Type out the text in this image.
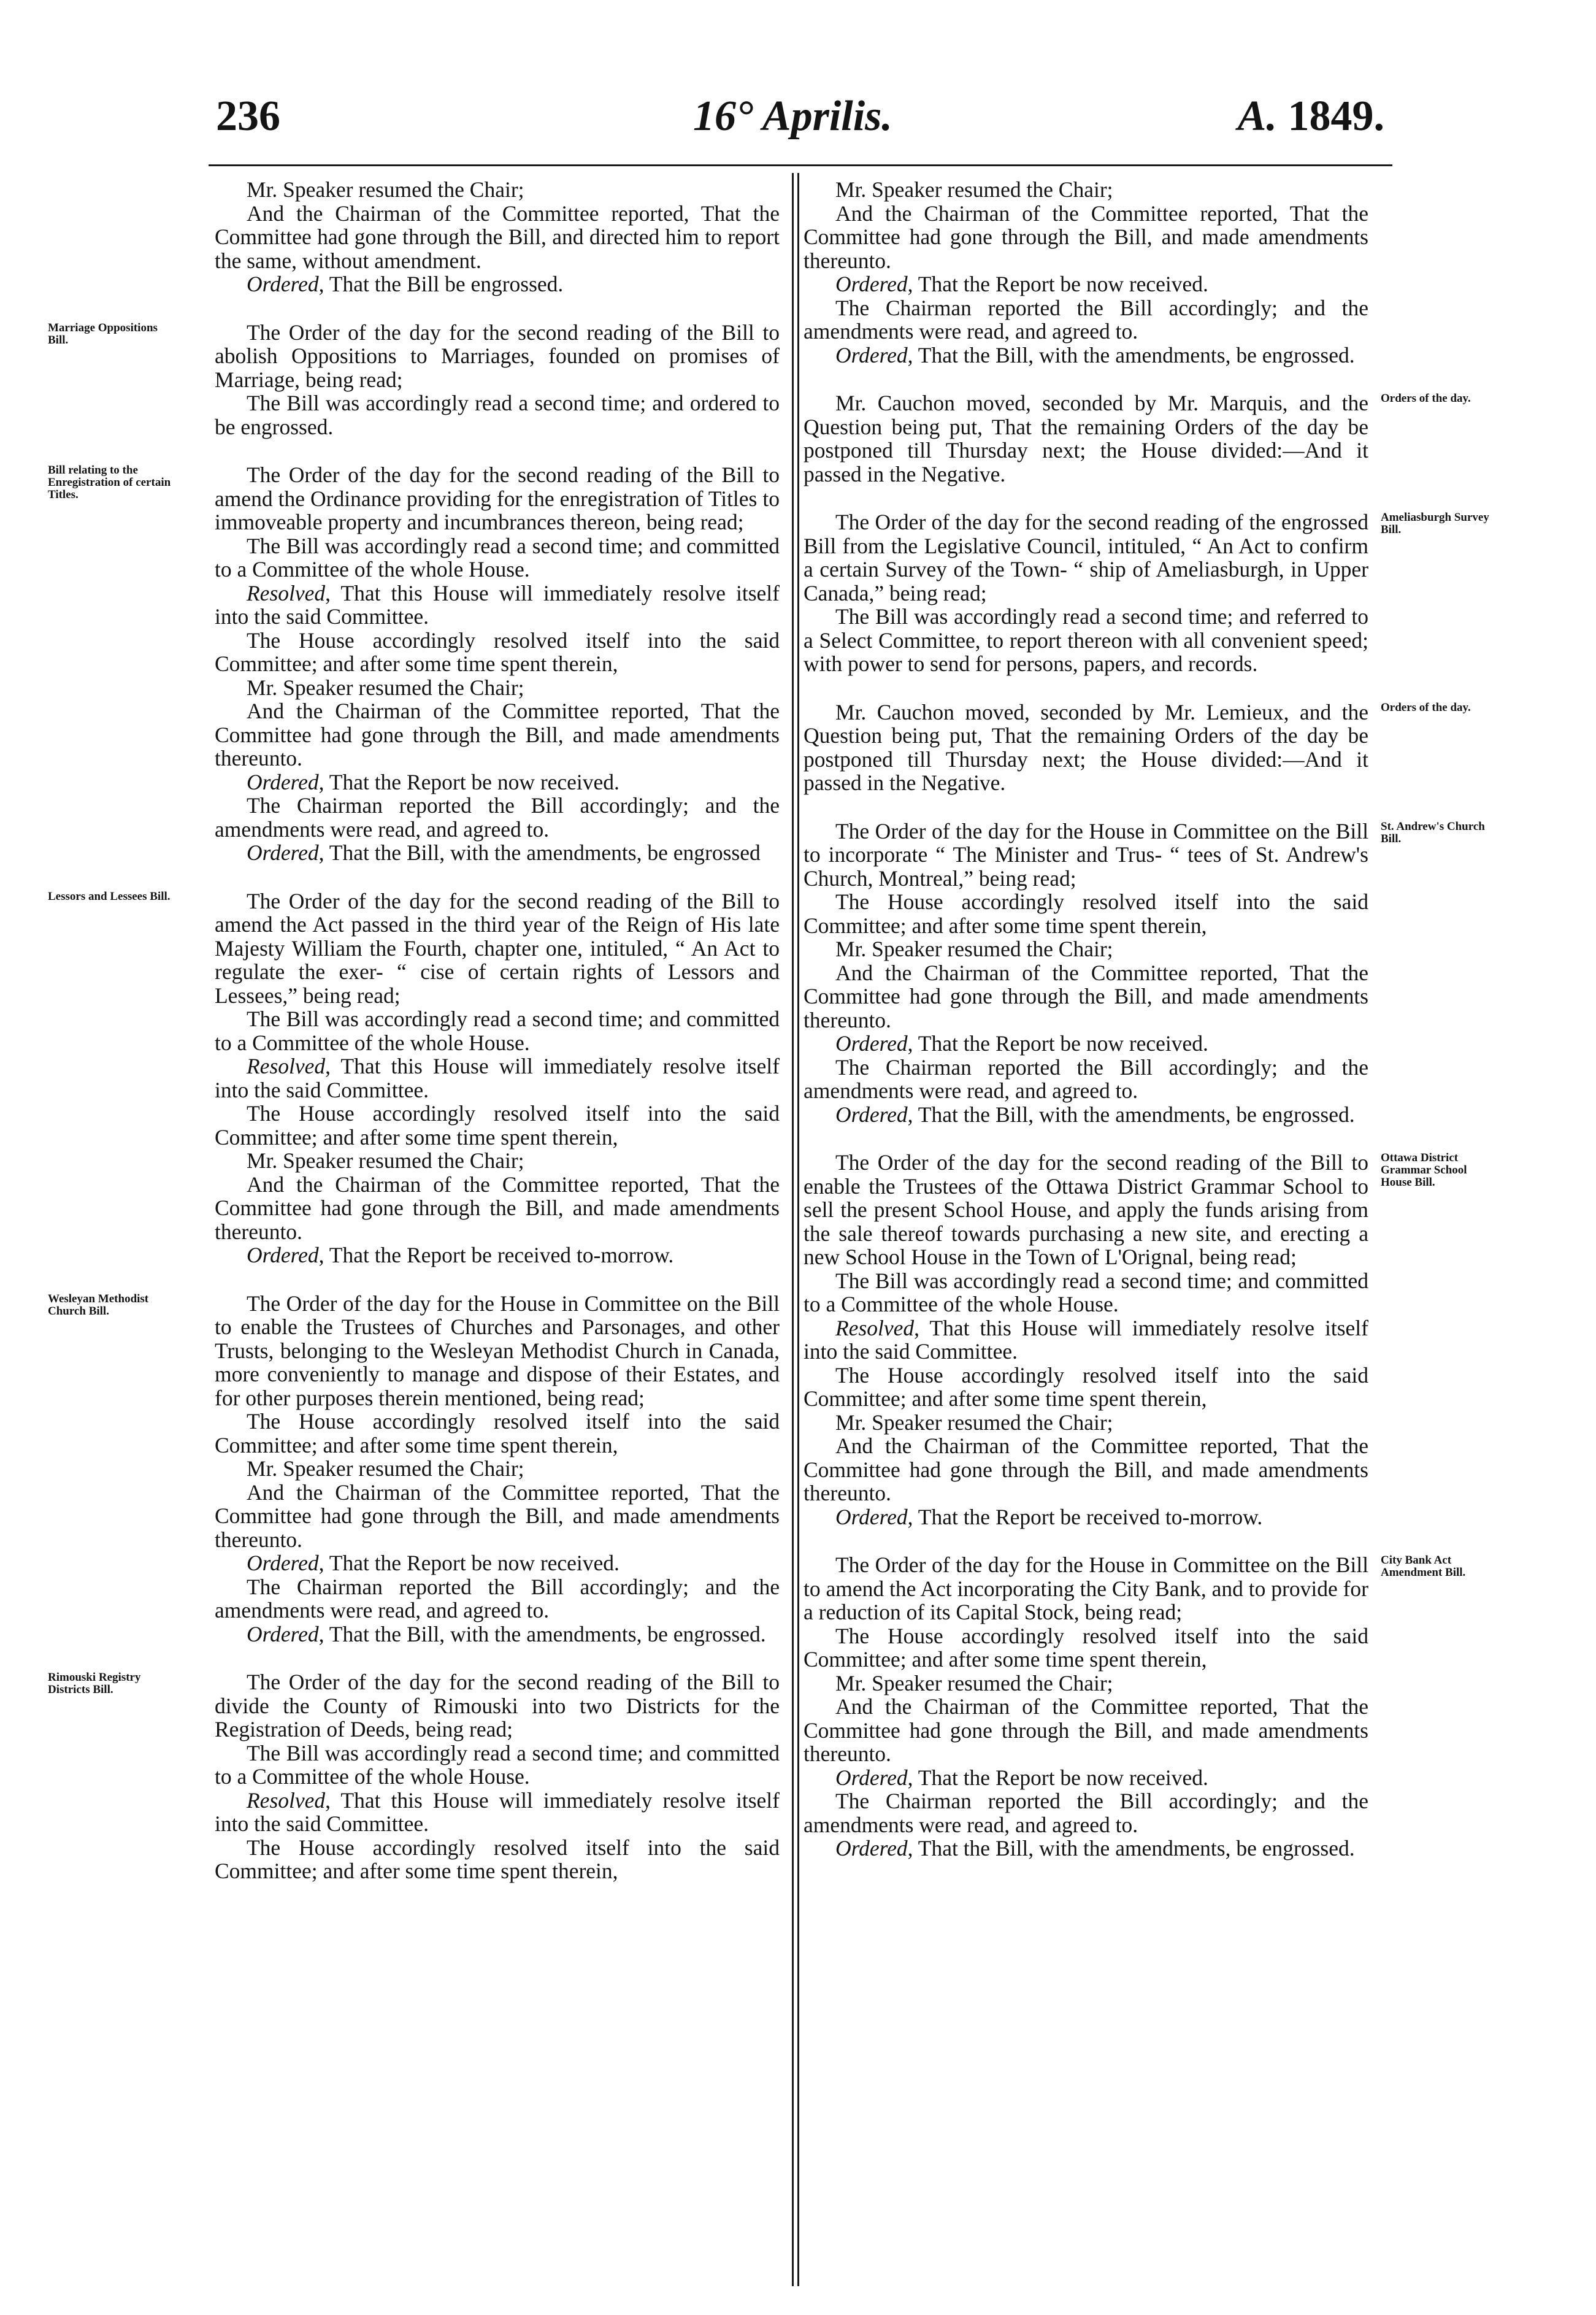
236	16° Aprilis.	A. 1849.

Mr. Speaker resumed the Chair;

And the Chairman of the Committee reported, That the Committee had gone through the Bill, and directed him to report the same, without amendment.

Ordered, That the Bill be engrossed.

The Order of the day for the second reading of the Bill to abolish Oppositions to Marriages, founded on promises of Marriage, being read;
Marriage Oppositions Bill.

The Bill was accordingly read a second time; and ordered to be engrossed.

The Order of the day for the second reading of the Bill to amend the Ordinance providing for the enregistration of Titles to immoveable property and incumbrances thereon, being read;
Bill relating to the Enregistration of certain Titles.

The Bill was accordingly read a second time; and committed to a Committee of the whole House.

Resolved, That this House will immediately resolve itself into the said Committee.

The House accordingly resolved itself into the said Committee; and after some time spent therein,

Mr. Speaker resumed the Chair;

And the Chairman of the Committee reported, That the Committee had gone through the Bill, and made amendments thereunto.

Ordered, That the Report be now received.

The Chairman reported the Bill accordingly; and the amendments were read, and agreed to.

Ordered, That the Bill, with the amendments, be engrossed

The Order of the day for the second reading of the Bill to amend the Act passed in the third year of the Reign of His late Majesty William the Fourth, chapter one, intituled, “ An Act to regulate the exer- “ cise of certain rights of Lessors and Lessees,” being read;
Lessors and Lessees Bill.

The Bill was accordingly read a second time; and committed to a Committee of the whole House.

Resolved, That this House will immediately resolve itself into the said Committee.

The House accordingly resolved itself into the said Committee; and after some time spent therein,

Mr. Speaker resumed the Chair;

And the Chairman of the Committee reported, That the Committee had gone through the Bill, and made amendments thereunto.

Ordered, That the Report be received to-morrow.

The Order of the day for the House in Committee on the Bill to enable the Trustees of Churches and Parsonages, and other Trusts, belonging to the Wesleyan Methodist Church in Canada, more conveniently to manage and dispose of their Estates, and for other purposes therein mentioned, being read;
Wesleyan Methodist Church Bill.

The House accordingly resolved itself into the said Committee; and after some time spent therein,

Mr. Speaker resumed the Chair;

And the Chairman of the Committee reported, That the Committee had gone through the Bill, and made amendments thereunto.

Ordered, That the Report be now received.

The Chairman reported the Bill accordingly; and the amendments were read, and agreed to.

Ordered, That the Bill, with the amendments, be engrossed.

The Order of the day for the second reading of the Bill to divide the County of Rimouski into two Districts for the Registration of Deeds, being read;
Rimouski Registry Districts Bill.

The Bill was accordingly read a second time; and committed to a Committee of the whole House.

Resolved, That this House will immediately resolve itself into the said Committee.

The House accordingly resolved itself into the said Committee; and after some time spent therein,

Mr. Speaker resumed the Chair;

And the Chairman of the Committee reported, That the Committee had gone through the Bill, and made amendments thereunto.

Ordered, That the Report be now received.

The Chairman reported the Bill accordingly; and the amendments were read, and agreed to.

Ordered, That the Bill, with the amendments, be engrossed.

Mr. Cauchon moved, seconded by Mr. Marquis, and the Question being put, That the remaining Orders of the day be postponed till Thursday next; the House divided:—And it passed in the Negative.
Orders of the day.

The Order of the day for the second reading of the engrossed Bill from the Legislative Council, intituled, “ An Act to confirm a certain Survey of the Town- “ ship of Ameliasburgh, in Upper Canada,” being read;
Ameliasburgh Survey Bill.

The Bill was accordingly read a second time; and referred to a Select Committee, to report thereon with all convenient speed; with power to send for persons, papers, and records.

Mr. Cauchon moved, seconded by Mr. Lemieux, and the Question being put, That the remaining Orders of the day be postponed till Thursday next; the House divided:—And it passed in the Negative.
Orders of the day.

The Order of the day for the House in Committee on the Bill to incorporate “ The Minister and Trus- “ tees of St. Andrew's Church, Montreal,” being read;
St. Andrew's Church Bill.

The House accordingly resolved itself into the said Committee; and after some time spent therein,

Mr. Speaker resumed the Chair;

And the Chairman of the Committee reported, That the Committee had gone through the Bill, and made amendments thereunto.

Ordered, That the Report be now received.

The Chairman reported the Bill accordingly; and the amendments were read, and agreed to.

Ordered, That the Bill, with the amendments, be engrossed.

The Order of the day for the second reading of the Bill to enable the Trustees of the Ottawa District Grammar School to sell the present School House, and apply the funds arising from the sale thereof towards purchasing a new site, and erecting a new School House in the Town of L'Orignal, being read;
Ottawa District Grammar School House Bill.

The Bill was accordingly read a second time; and committed to a Committee of the whole House.

Resolved, That this House will immediately resolve itself into the said Committee.

The House accordingly resolved itself into the said Committee; and after some time spent therein,

Mr. Speaker resumed the Chair;

And the Chairman of the Committee reported, That the Committee had gone through the Bill, and made amendments thereunto.

Ordered, That the Report be received to-morrow.

The Order of the day for the House in Committee on the Bill to amend the Act incorporating the City Bank, and to provide for a reduction of its Capital Stock, being read;
City Bank Act Amendment Bill.

The House accordingly resolved itself into the said Committee; and after some time spent therein,

Mr. Speaker resumed the Chair;

And the Chairman of the Committee reported, That the Committee had gone through the Bill, and made amendments thereunto.

Ordered, That the Report be now received.

The Chairman reported the Bill accordingly; and the amendments were read, and agreed to.

Ordered, That the Bill, with the amendments, be engrossed.
